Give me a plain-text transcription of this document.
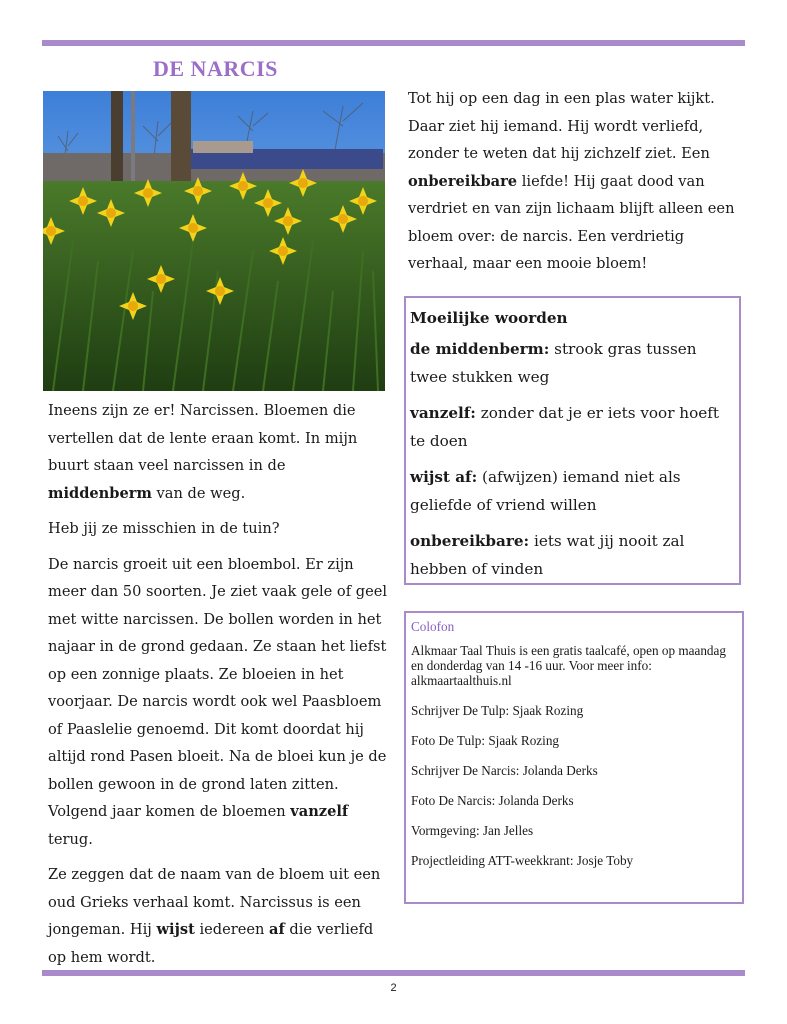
DE NARCIS

Ineens zijn ze er! Narcissen. Bloemen die vertellen dat de lente eraan komt. In mijn buurt staan veel narcissen in de middenberm van de weg.

Heb jij ze misschien in de tuin?

De narcis groeit uit een bloembol. Er zijn meer dan 50 soorten. Je ziet vaak gele of geel met witte narcissen. De bollen worden in het najaar in de grond gedaan. Ze staan het liefst op een zonnige plaats. Ze bloeien in het voorjaar. De narcis wordt ook wel Paasbloem of Paaslelie genoemd. Dit komt doordat hij altijd rond Pasen bloeit. Na de bloei kun je de bollen gewoon in de grond laten zitten. Volgend jaar komen de bloemen vanzelf terug.

Ze zeggen dat de naam van de bloem uit een oud Grieks verhaal komt. Narcissus is een jongeman. Hij wijst iedereen af die verliefd op hem wordt.

Tot hij op een dag in een plas water kijkt. Daar ziet hij iemand. Hij wordt verliefd, zonder te weten dat hij zichzelf ziet. Een onbereikbare liefde! Hij gaat dood van verdriet en van zijn lichaam blijft alleen een bloem over: de narcis. Een verdrietig verhaal, maar een mooie bloem!

Moeilijke woorden
de middenberm: strook gras tussen twee stukken weg
vanzelf: zonder dat je er iets voor hoeft te doen
wijst af: (afwijzen) iemand niet als geliefde of vriend willen
onbereikbare: iets wat jij nooit zal hebben of vinden
Colofon

Alkmaar Taal Thuis is een gratis taalcafé, open op maandag en donderdag van 14 -16 uur. Voor meer info: alkmaartaalthuis.nl

Schrijver De Tulp: Sjaak Rozing

Foto De Tulp: Sjaak Rozing

Schrijver De Narcis: Jolanda Derks

Foto De Narcis: Jolanda Derks

Vormgeving: Jan Jelles

Projectleiding ATT-weekkrant: Josje Toby

2
